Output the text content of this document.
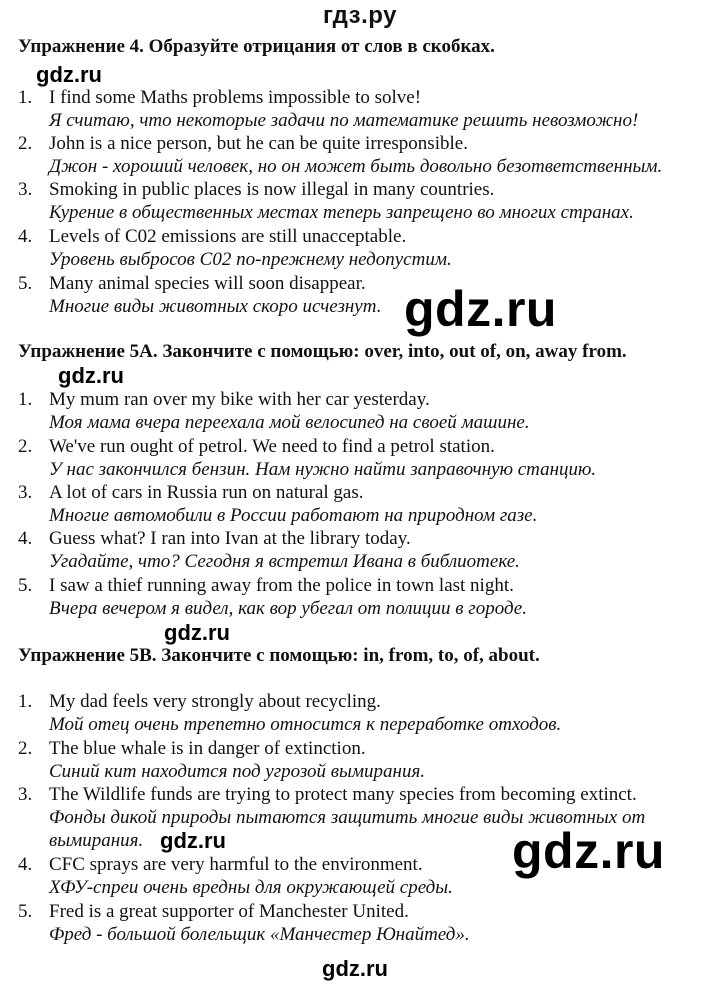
гдз.ру
Упражнение 4. Образуйте отрицания от слов в скобках.
gdz.ru
1. I find some Maths problems impossible to solve!
Я считаю, что некоторые задачи по математике решить невозможно!
2. John is a nice person, but he can be quite irresponsible.
Джон - хороший человек, но он может быть довольно безответственным.
3. Smoking in public places is now illegal in many countries.
Курение в общественных местах теперь запрещено во многих странах.
4. Levels of C02 emissions are still unacceptable.
Уровень выбросов С02 по-прежнему недопустим.
5. Many animal species will soon disappear.
Многие виды животных скоро исчезнут. gdz.ru
Упражнение 5А. Закончите с помощью: over, into, out of, on, away from.
gdz.ru
1. My mum ran over my bike with her car yesterday.
Моя мама вчера переехала мой велосипед на своей машине.
2. We've run ought of petrol. We need to find a petrol station.
У нас закончился бензин. Нам нужно найти заправочную станцию.
3. A lot of cars in Russia run on natural gas.
Многие автомобили в России работают на природном газе.
4. Guess what? I ran into Ivan at the library today.
Угадайте, что? Сегодня я встретил Ивана в библиотеке.
5. I saw a thief running away from the police in town last night.
Вчера вечером я видел, как вор убегал от полиции в городе.
gdz.ru
Упражнение 5В. Закончите с помощью: in, from, to, of, about.
1. My dad feels very strongly about recycling.
Мой отец очень трепетно относится к переработке отходов.
2. The blue whale is in danger of extinction.
Синий кит находится под угрозой вымирания.
3. The Wildlife funds are trying to protect many species from becoming extinct.
Фонды дикой природы пытаются защитить многие виды животных от
вымирания. gdz.ru	gdz.ru
4. CFC sprays are very harmful to the environment.
ХФУ-спреи очень вредны для окружающей среды.
5. Fred is a great supporter of Manchester United.
Фред - большой болельщик «Манчестер Юнайтед».
gdz.ru
